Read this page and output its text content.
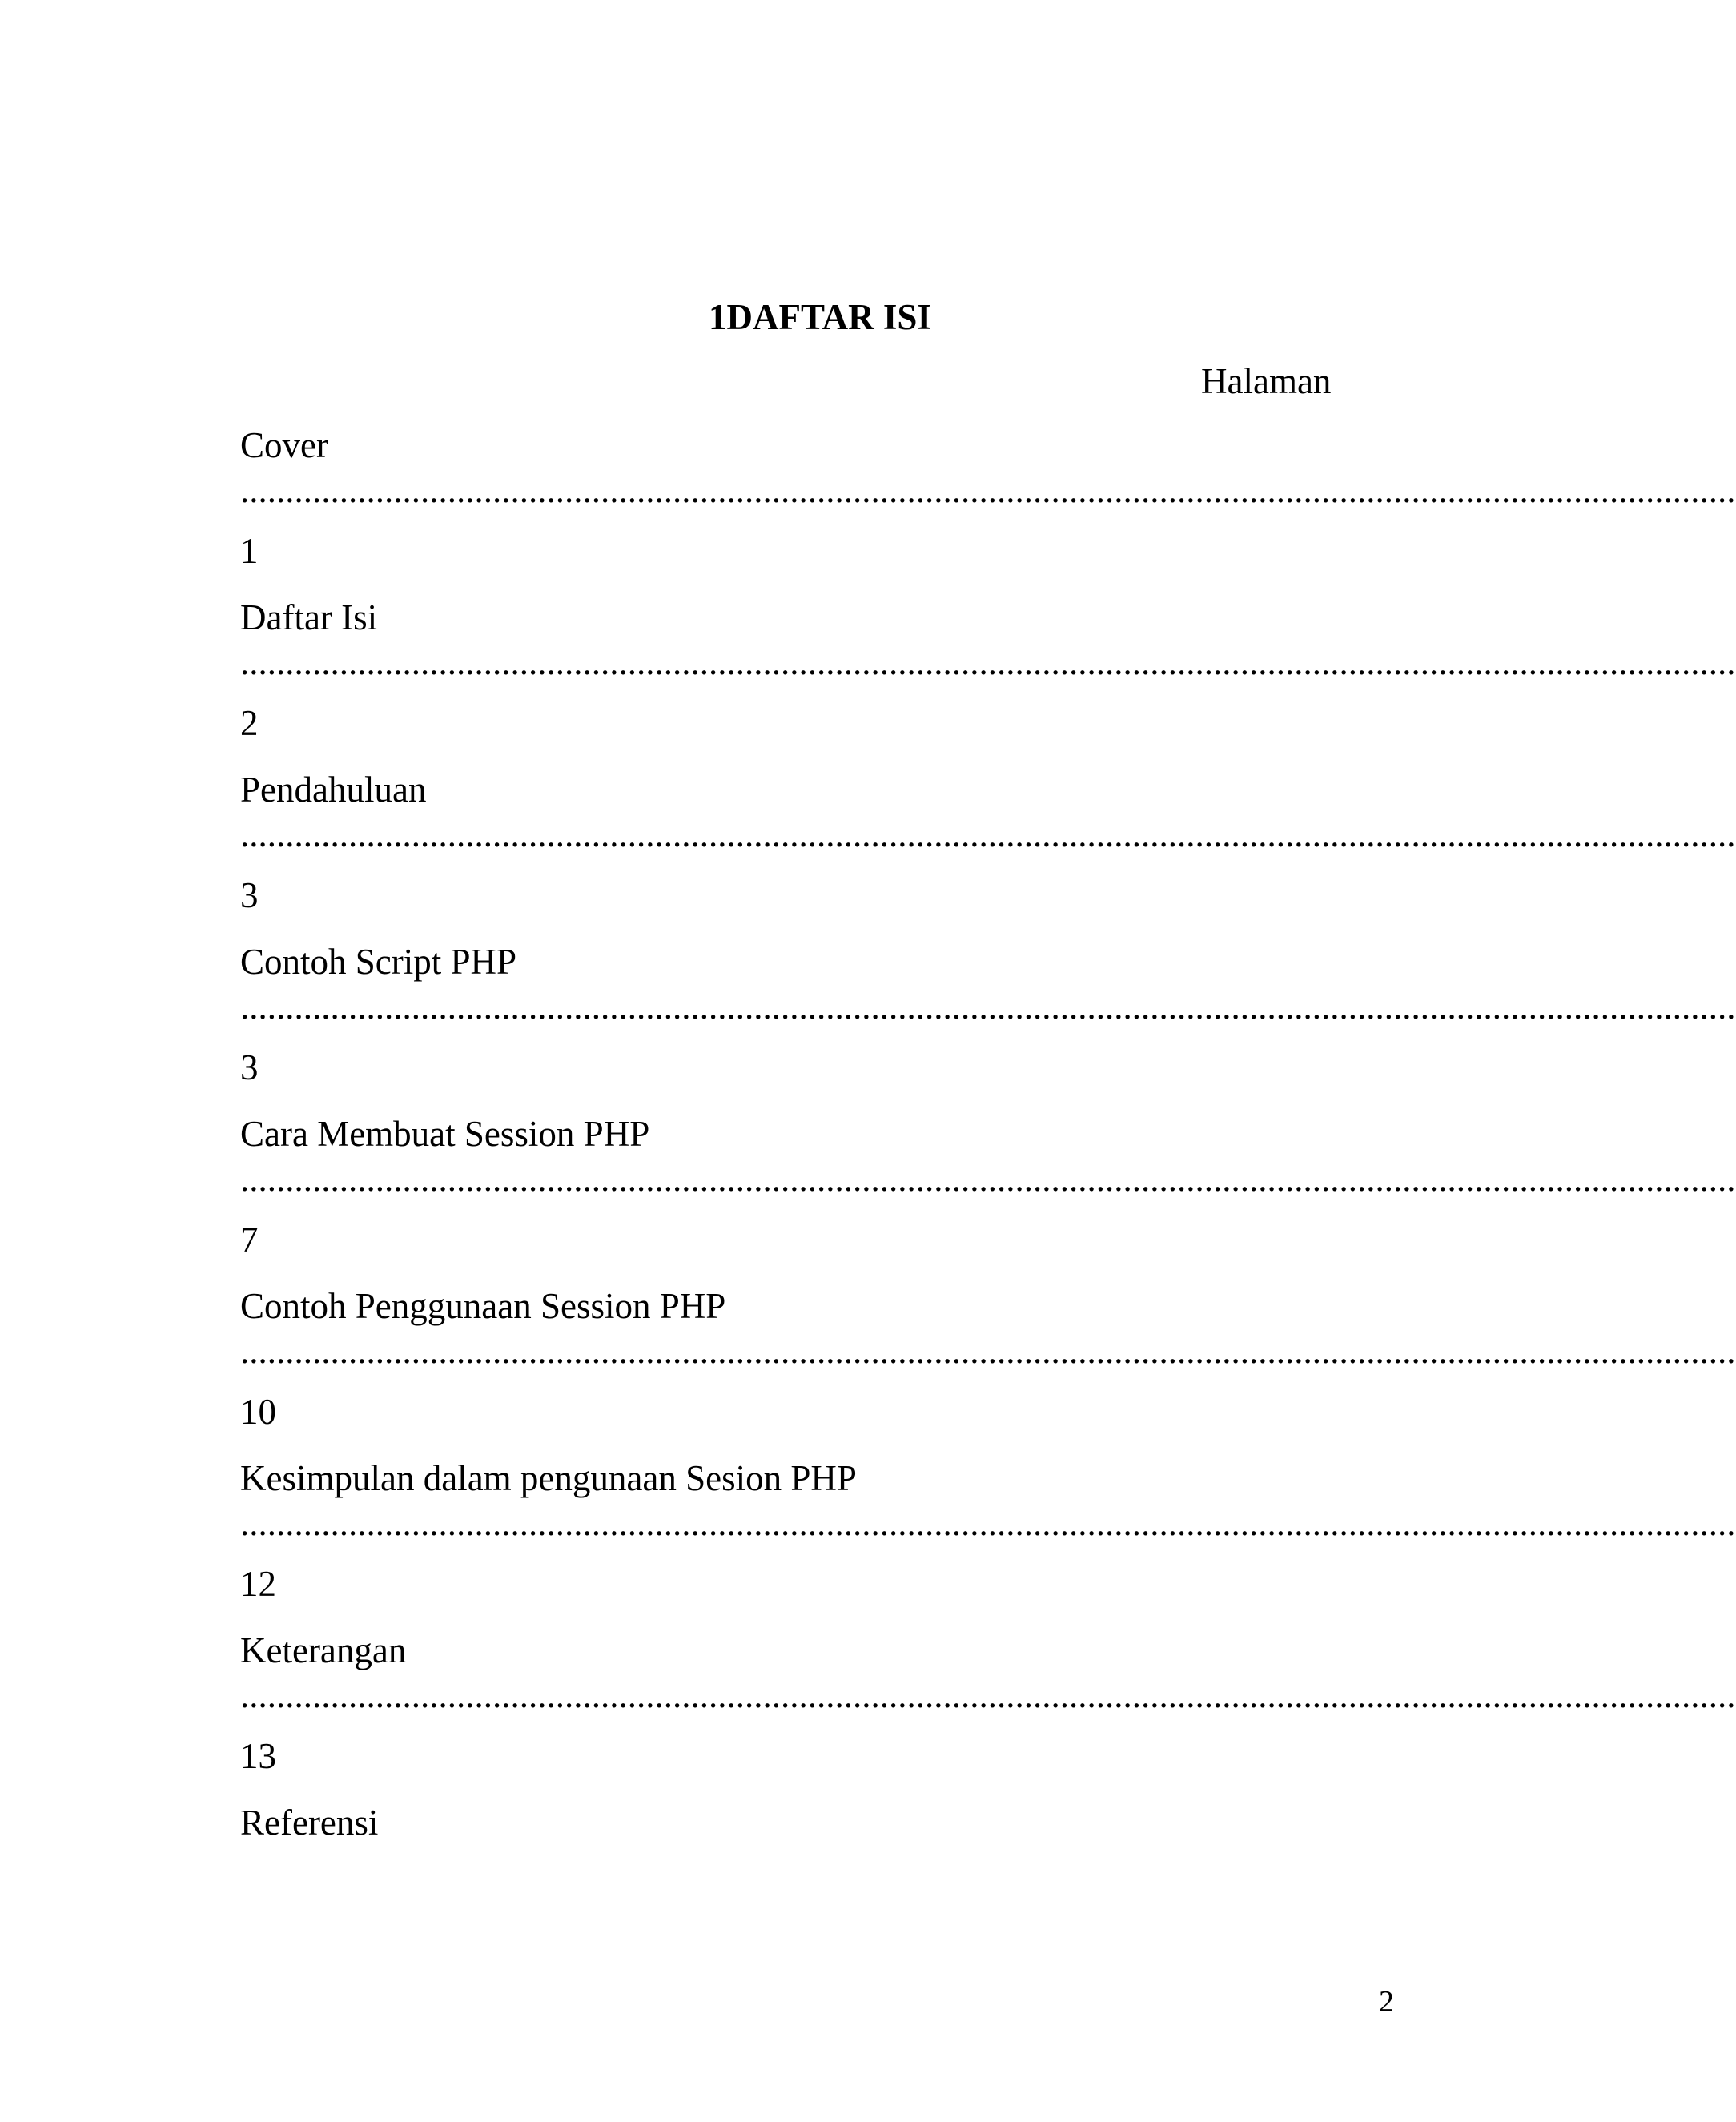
1DAFTAR ISI
Halaman
Cover
......................................................................................................................................................................
1
Daftar Isi
......................................................................................................................................................................
2
Pendahuluan
......................................................................................................................................................................
3
Contoh Script PHP
......................................................................................................................................................................
3
Cara Membuat Session PHP
......................................................................................................................................................................
7
Contoh Penggunaan Session PHP
......................................................................................................................................................................
10
Kesimpulan dalam pengunaan Sesion PHP
......................................................................................................................................................................
12
Keterangan
......................................................................................................................................................................
13
Referensi
2
